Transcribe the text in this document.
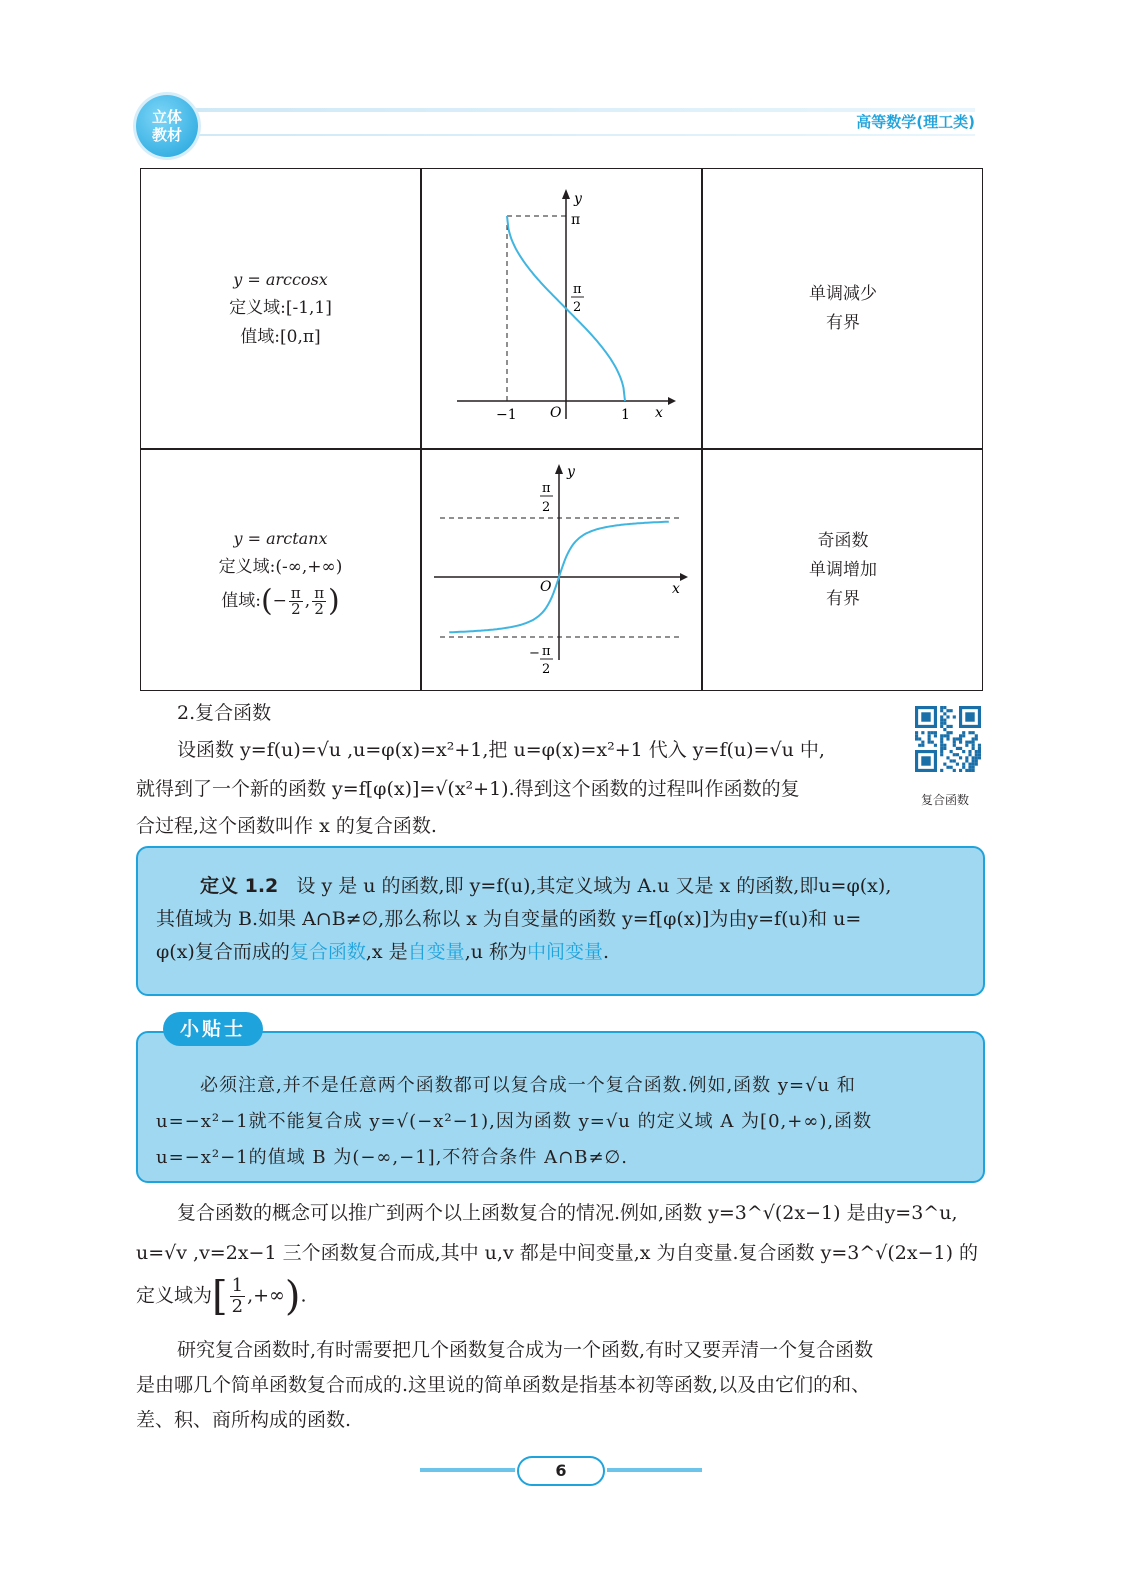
立体
教材
高等数学(理工类)
y = arccosx
定义域:[-1,1]
值域:[0,π]
y
π
π
2
−1 O	1 x
单调减少
有界
y = arctanx
定义域:(-∞,+∞)
值域:(− $\frac{\pi}{2}$ , $\frac{\pi}{2}$ )
y
π
2
O	x
− π
2
奇函数
单调增加
有界
2.复合函数
设函数 y=f(u)=√u ,u=φ(x)=x²+1,把 u=φ(x)=x²+1 代入 y=f(u)=√u 中,
就得到了一个新的函数 y=f[φ(x)]=√(x²+1).得到这个函数的过程叫作函数的复
合过程,这个函数叫作 x 的复合函数.
复合函数
定义 1.2 设 y 是 u 的函数,即 y=f(u),其定义域为 A.u 又是 x 的函数,即u=φ(x),
其值域为 B.如果 A∩B≠∅,那么称以 x 为自变量的函数 y=f[φ(x)]为由y=f(u)和 u=
φ(x)复合而成的复合函数,x 是自变量,u 称为中间变量.
小贴士
必须注意,并不是任意两个函数都可以复合成一个复合函数.例如,函数 y=√u 和
u=−x²−1就不能复合成 y=√(−x²−1),因为函数 y=√u 的定义域 A 为[0,+∞),函数
u=−x²−1的值域 B 为(−∞,−1],不符合条件 A∩B≠∅.
复合函数的概念可以推广到两个以上函数复合的情况.例如,函数 y=3^√(2x−1) 是由y=3^u,
u=√v ,v=2x−1 三个函数复合而成,其中 u,v 都是中间变量,x 为自变量.复合函数 y=3^√(2x−1) 的
定义域为[ $\frac{1}{2}$ ,+∞).
研究复合函数时,有时需要把几个函数复合成为一个函数,有时又要弄清一个复合函数
是由哪几个简单函数复合而成的.这里说的简单函数是指基本初等函数,以及由它们的和、
差、积、商所构成的函数.
6
